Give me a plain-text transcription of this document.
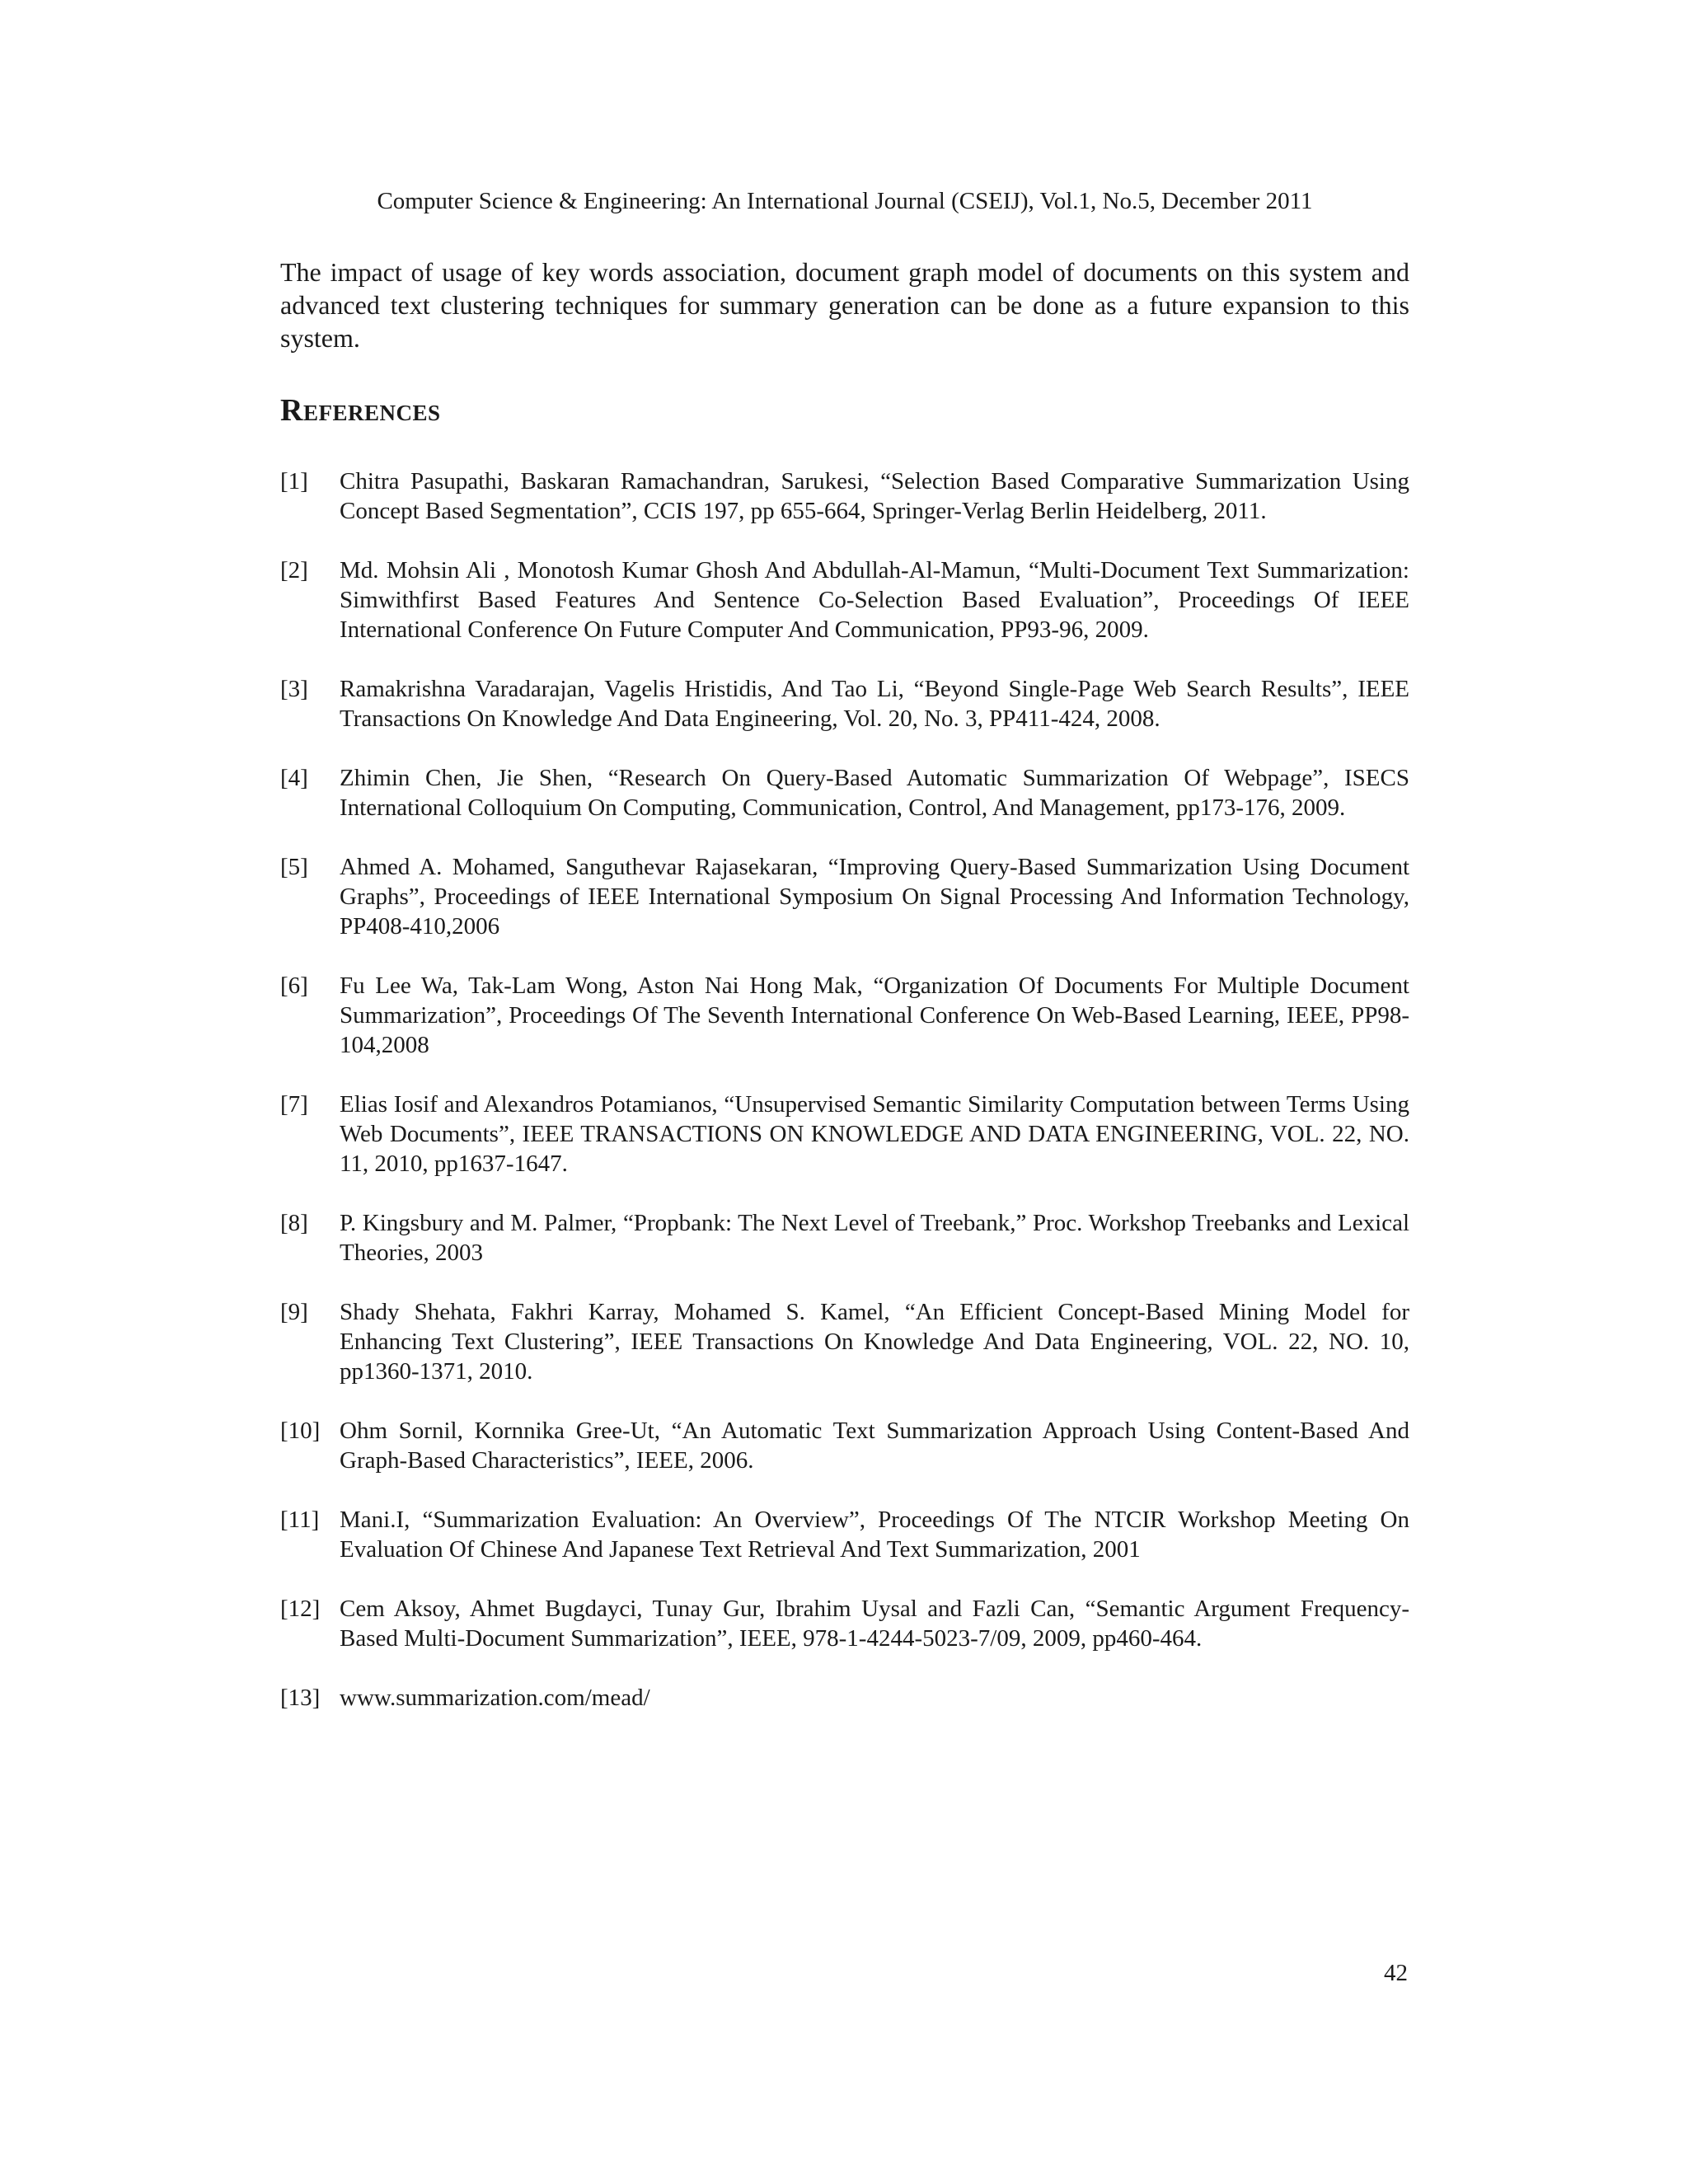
Computer Science & Engineering: An International Journal (CSEIJ), Vol.1, No.5, December 2011

The impact of usage of key words association, document graph model of documents on this system and advanced text clustering techniques for summary generation can be done as a future expansion to this system.

References
[1] Chitra Pasupathi, Baskaran Ramachandran, Sarukesi, “Selection Based Comparative Summarization Using Concept Based Segmentation”, CCIS 197, pp 655-664, Springer-Verlag Berlin Heidelberg, 2011.
[2] Md. Mohsin Ali , Monotosh Kumar Ghosh And Abdullah-Al-Mamun, “Multi-Document Text Summarization: Simwithfirst Based Features And Sentence Co-Selection Based Evaluation”, Proceedings Of IEEE International Conference On Future Computer And Communication, PP93-96, 2009.
[3] Ramakrishna Varadarajan, Vagelis Hristidis, And Tao Li, “Beyond Single-Page Web Search Results”, IEEE Transactions On Knowledge And Data Engineering, Vol. 20, No. 3, PP411-424, 2008.
[4] Zhimin Chen, Jie Shen, “Research On Query-Based Automatic Summarization Of Webpage”, ISECS International Colloquium On Computing, Communication, Control, And Management, pp173-176, 2009.
[5] Ahmed A. Mohamed, Sanguthevar Rajasekaran, “Improving Query-Based Summarization Using Document Graphs”, Proceedings of IEEE International Symposium On Signal Processing And Information Technology, PP408-410,2006
[6] Fu Lee Wa, Tak-Lam Wong, Aston Nai Hong Mak, “Organization Of Documents For Multiple Document Summarization”, Proceedings Of The Seventh International Conference On Web-Based Learning, IEEE, PP98-104,2008
[7] Elias Iosif and Alexandros Potamianos, “Unsupervised Semantic Similarity Computation between Terms Using Web Documents”, IEEE TRANSACTIONS ON KNOWLEDGE AND DATA ENGINEERING, VOL. 22, NO. 11, 2010, pp1637-1647.
[8] P. Kingsbury and M. Palmer, “Propbank: The Next Level of Treebank,” Proc. Workshop Treebanks and Lexical Theories, 2003
[9] Shady Shehata, Fakhri Karray, Mohamed S. Kamel, “An Efficient Concept-Based Mining Model for Enhancing Text Clustering”, IEEE Transactions On Knowledge And Data Engineering, VOL. 22, NO. 10, pp1360-1371, 2010.
[10] Ohm Sornil, Kornnika Gree-Ut, “An Automatic Text Summarization Approach Using Content-Based And Graph-Based Characteristics”, IEEE, 2006.
[11] Mani.I, “Summarization Evaluation: An Overview”, Proceedings Of The NTCIR Workshop Meeting On Evaluation Of Chinese And Japanese Text Retrieval And Text Summarization, 2001
[12] Cem Aksoy, Ahmet Bugdayci, Tunay Gur, Ibrahim Uysal and Fazli Can, “Semantic Argument Frequency-Based Multi-Document Summarization”, IEEE, 978-1-4244-5023-7/09, 2009, pp460-464.
[13] www.summarization.com/mead/
42
